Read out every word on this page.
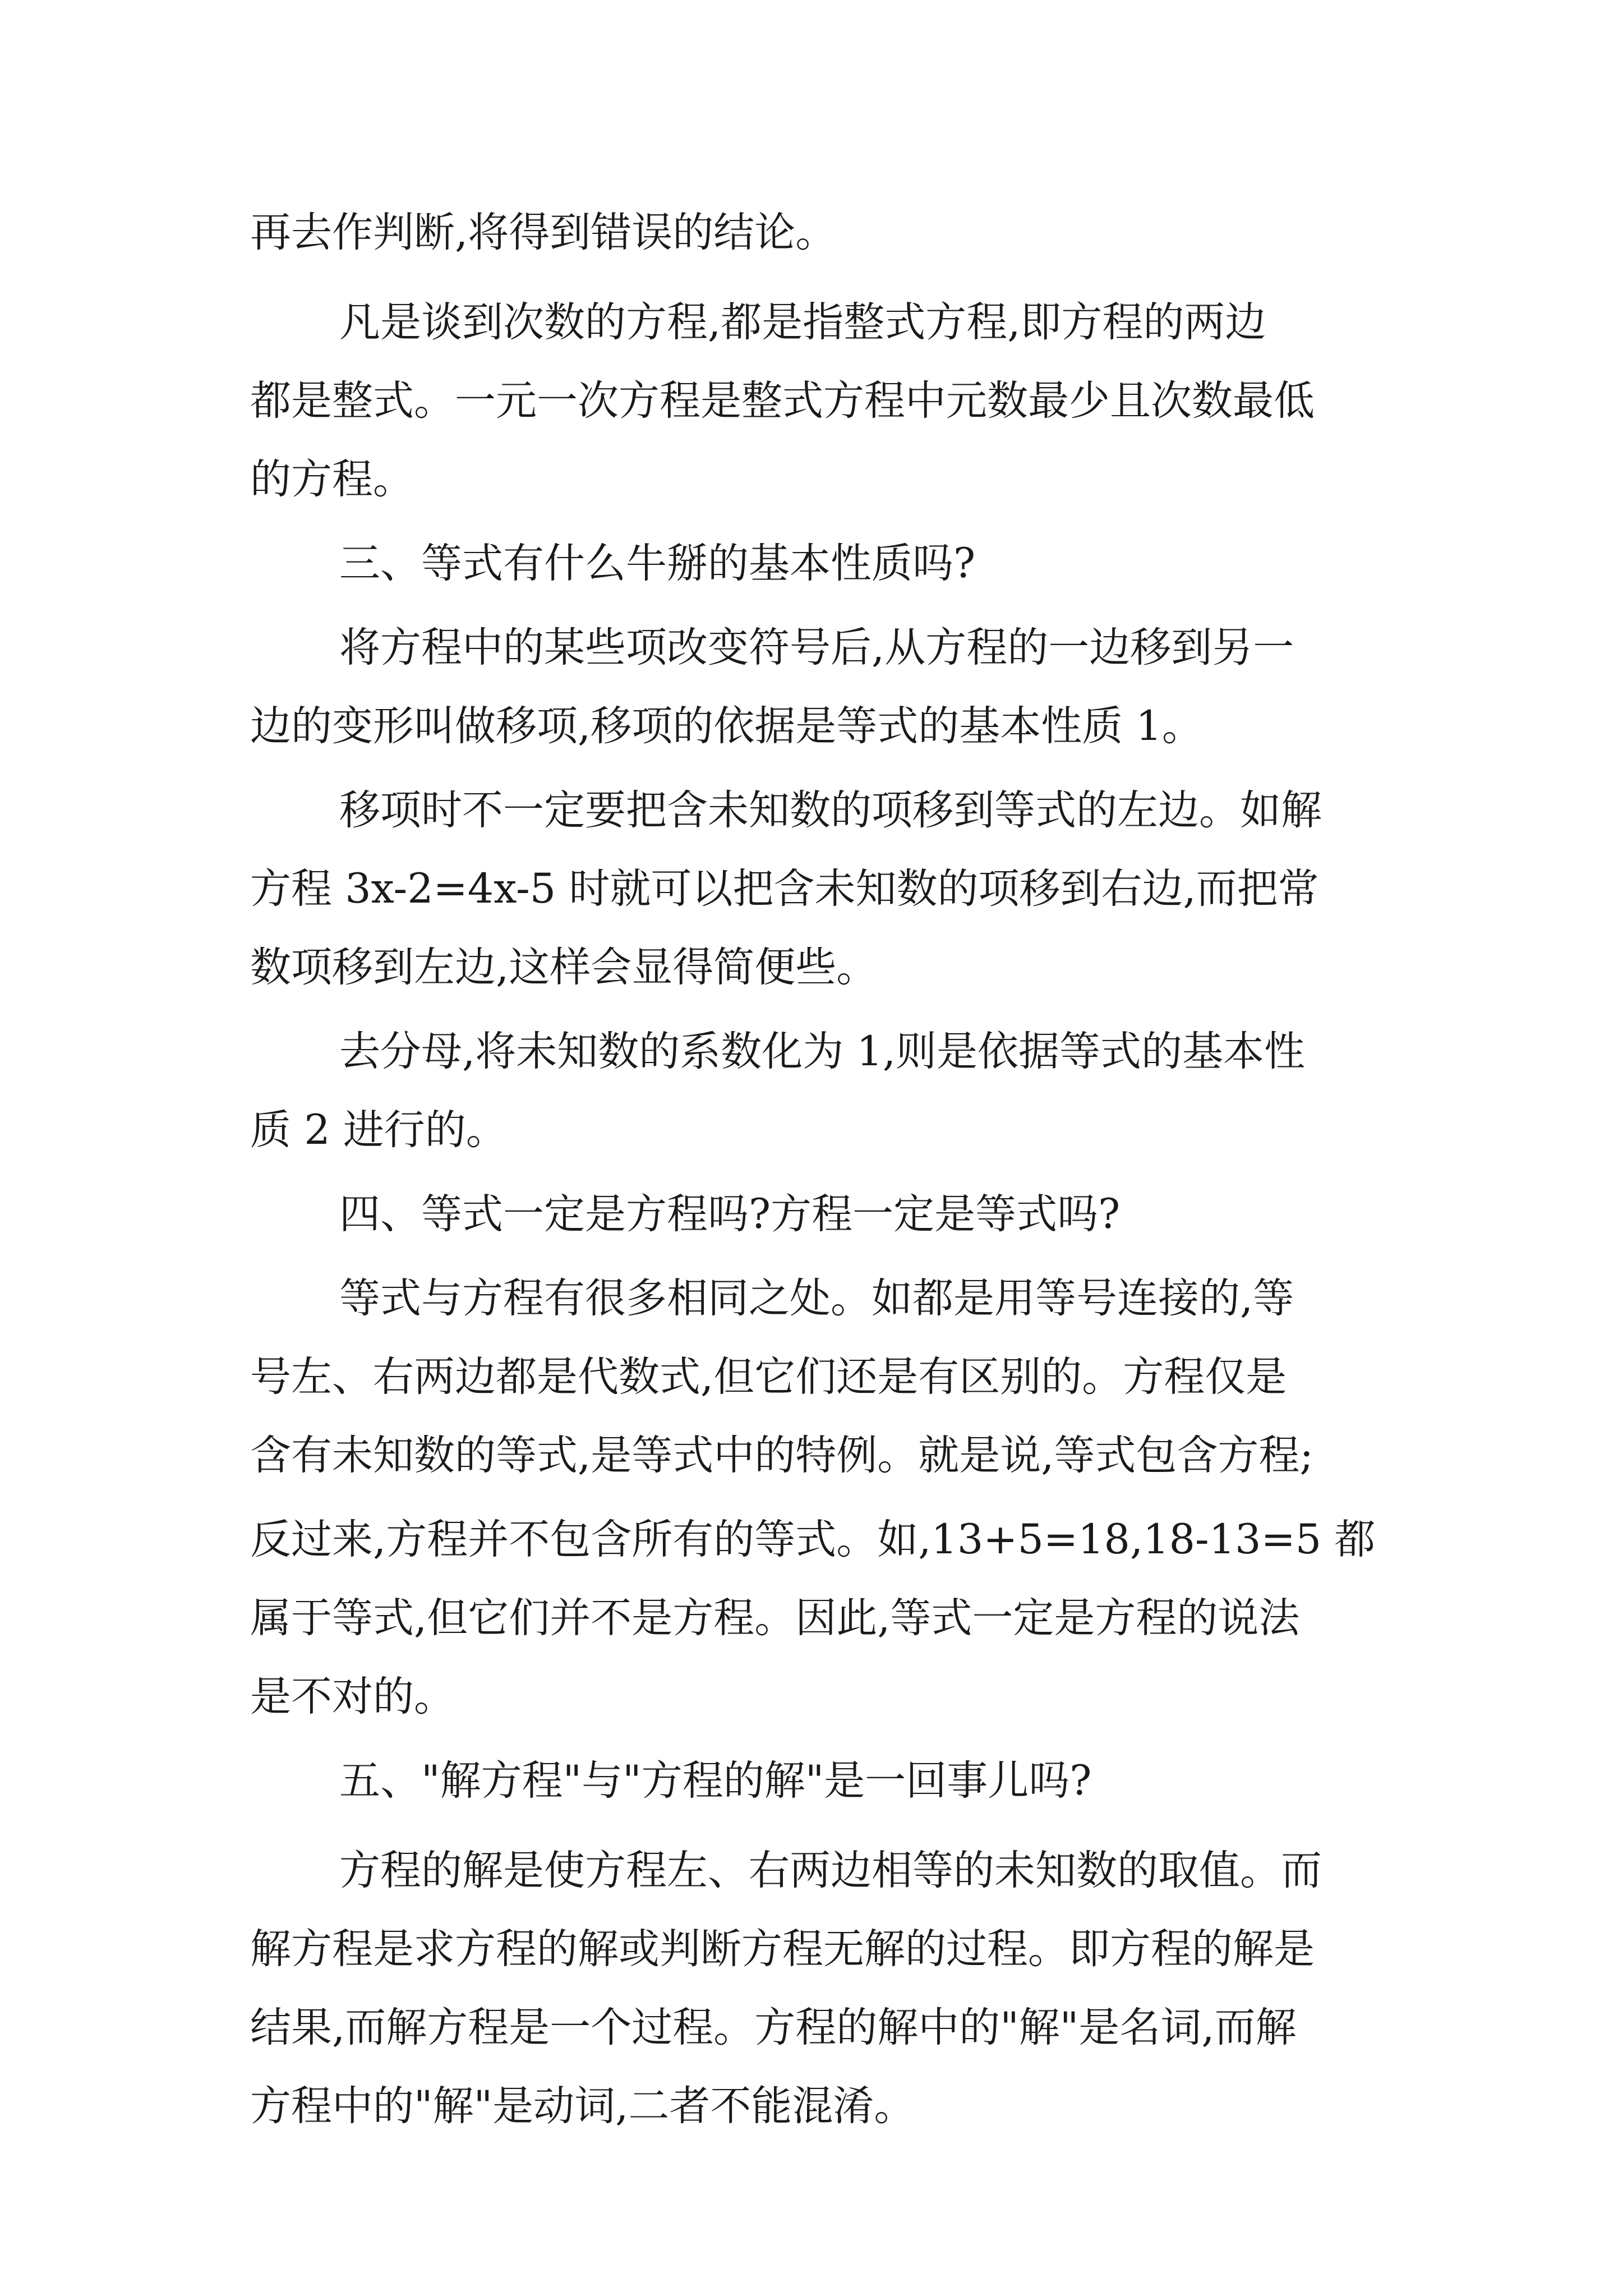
再去作判断,将得到错误的结论。
凡是谈到次数的方程,都是指整式方程,即方程的两边
都是整式。一元一次方程是整式方程中元数最少且次数最低
的方程。
三、等式有什么牛掰的基本性质吗?
将方程中的某些项改变符号后,从方程的一边移到另一
边的变形叫做移项,移项的依据是等式的基本性质 1。
移项时不一定要把含未知数的项移到等式的左边。如解
方程 3x-2=4x-5 时就可以把含未知数的项移到右边,而把常
数项移到左边,这样会显得简便些。
去分母,将未知数的系数化为 1,则是依据等式的基本性
质 2 进行的。
四、等式一定是方程吗?方程一定是等式吗?
等式与方程有很多相同之处。如都是用等号连接的,等
号左、右两边都是代数式,但它们还是有区别的。方程仅是
含有未知数的等式,是等式中的特例。就是说,等式包含方程;
反过来,方程并不包含所有的等式。如,13+5=18,18-13=5 都
属于等式,但它们并不是方程。因此,等式一定是方程的说法
是不对的。
五、"解方程"与"方程的解"是一回事儿吗?
方程的解是使方程左、右两边相等的未知数的取值。而
解方程是求方程的解或判断方程无解的过程。即方程的解是
结果,而解方程是一个过程。方程的解中的"解"是名词,而解
方程中的"解"是动词,二者不能混淆。
